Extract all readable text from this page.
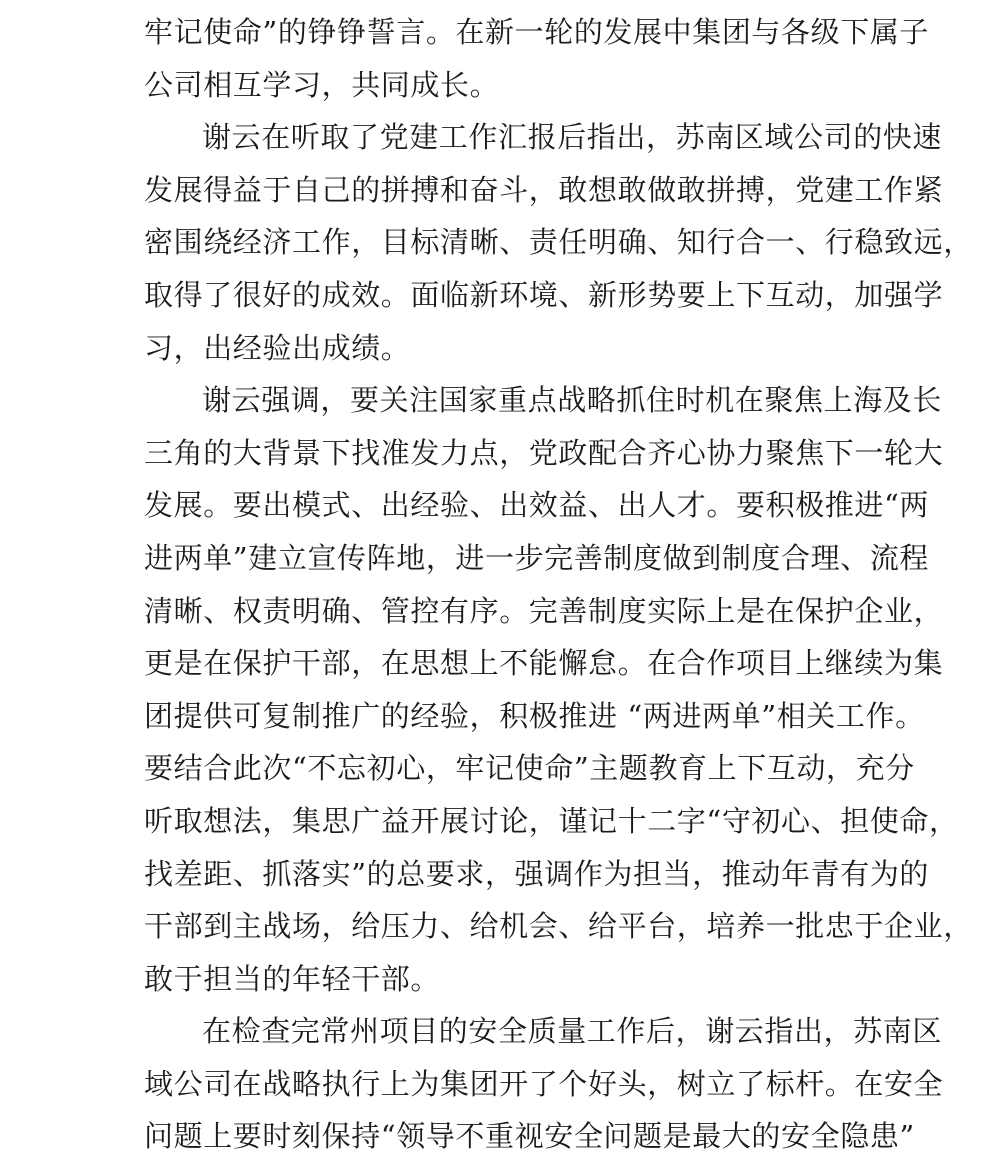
牢记使命”的铮铮誓言。在新一轮的发展中集团与各级下属子
公司相互学习，共同成长。
谢云在听取了党建工作汇报后指出，苏南区域公司的快速
发展得益于自己的拼搏和奋斗，敢想敢做敢拼搏，党建工作紧
密围绕经济工作，目标清晰、责任明确、知行合一、行稳致远，
取得了很好的成效。面临新环境、新形势要上下互动，加强学
习，出经验出成绩。
谢云强调，要关注国家重点战略抓住时机在聚焦上海及长
三角的大背景下找准发力点，党政配合齐心协力聚焦下一轮大
发展。要出模式、出经验、出效益、出人才。要积极推进“两
进两单”建立宣传阵地，进一步完善制度做到制度合理、流程
清晰、权责明确、管控有序。完善制度实际上是在保护企业，
更是在保护干部，在思想上不能懈怠。在合作项目上继续为集
团提供可复制推广的经验，积极推进 “两进两单”相关工作。
要结合此次“不忘初心，牢记使命”主题教育上下互动，充分
听取想法，集思广益开展讨论，谨记十二字“守初心、担使命，
找差距、抓落实”的总要求，强调作为担当，推动年青有为的
干部到主战场，给压力、给机会、给平台，培养一批忠于企业，
敢于担当的年轻干部。
在检查完常州项目的安全质量工作后，谢云指出，苏南区
域公司在战略执行上为集团开了个好头，树立了标杆。在安全
问题上要时刻保持“领导不重视安全问题是最大的安全隐患”
